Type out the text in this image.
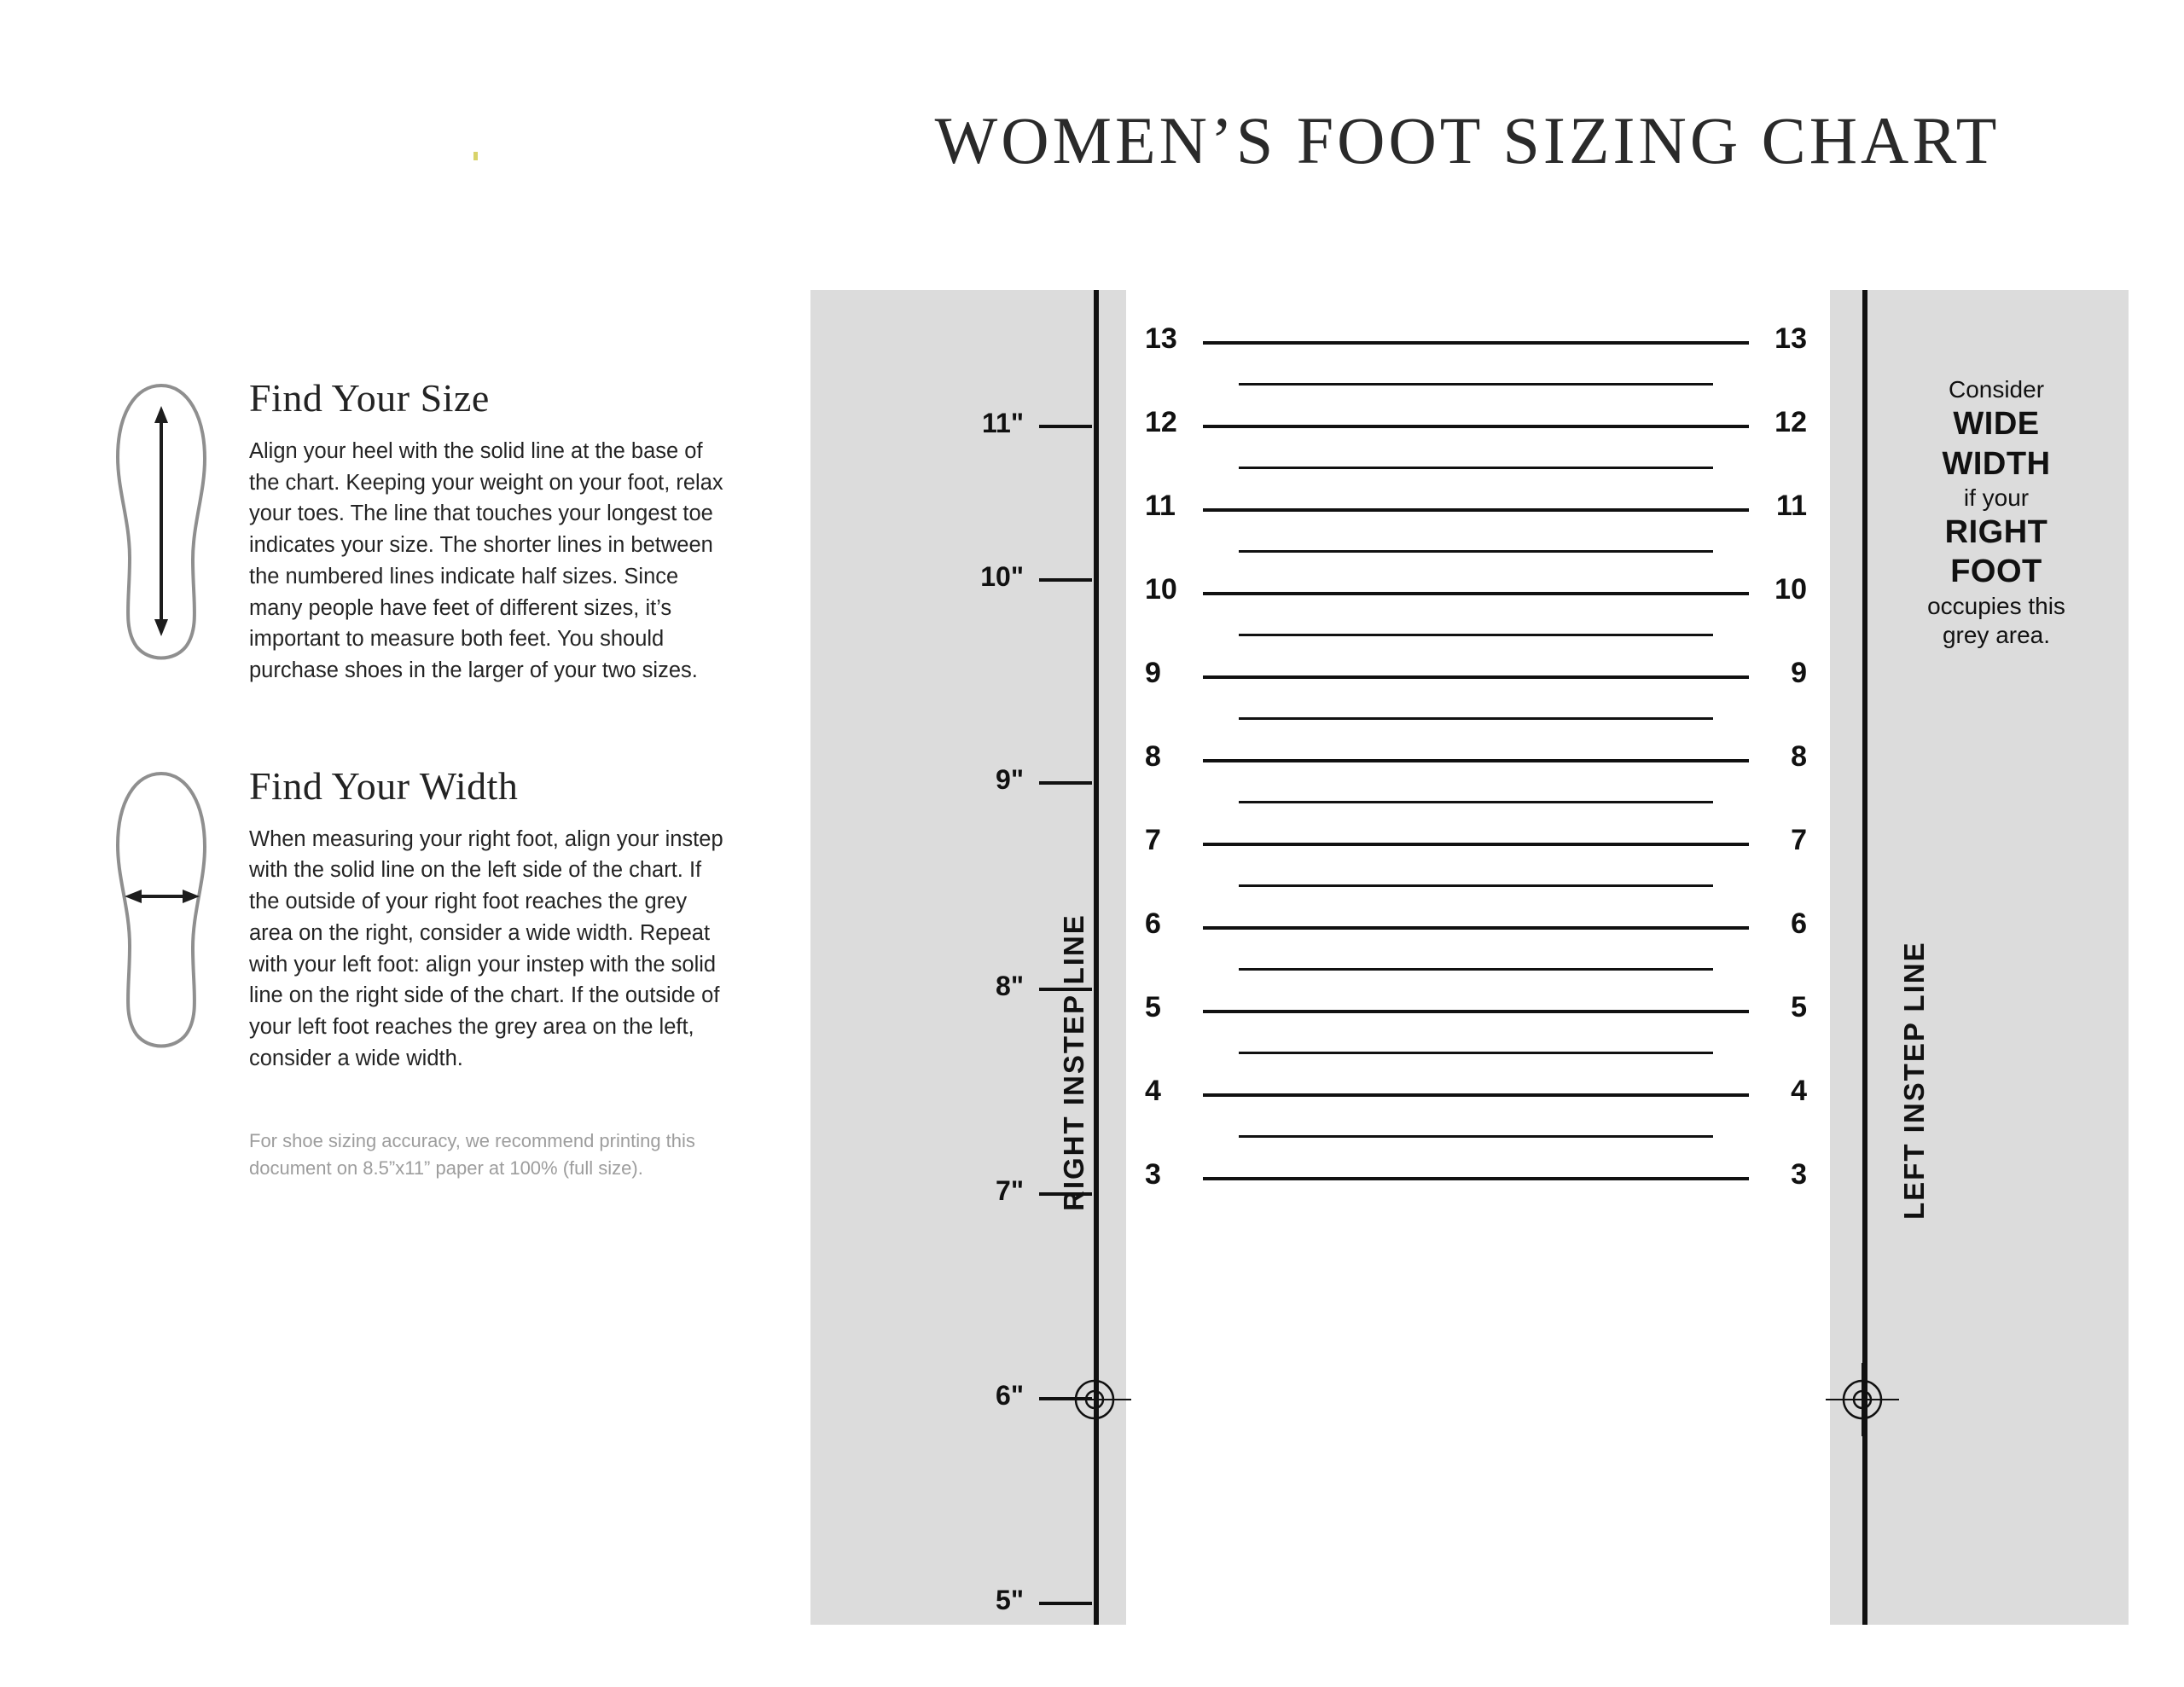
WOMEN’S FOOT SIZING CHART
Find Your Size

Align your heel with the solid line at the base of the chart. Keeping your weight on your foot, relax your toes. The line that touches your longest toe indicates your size. The shorter lines in between the numbered lines indicate half sizes. Since many people have feet of different sizes, it’s important to measure both feet. You should purchase shoes in the larger of your two sizes.

Find Your Width

When measuring your right foot, align your instep with the solid line on the left side of the chart. If the outside of your right foot reaches the grey area on the right, consider a wide width. Repeat with your left foot: align your instep with the solid line on the right side of the chart. If the outside of your left foot reaches the grey area on the left, consider a wide width.

For shoe sizing accuracy, we recommend printing this document on 8.5”x11” paper at 100% (full size).
11"
10"
9"
8"
7"
6"
5"
RIGHT INSTEP LINE	LEFT INSTEP LINE
13	13
12	12
11	11
10	10
9	9
8	8
7	7
6	6
5	5
4	4
3	3
Consider
WIDE
WIDTH
if your
RIGHT
FOOT
occupies this
grey area.
